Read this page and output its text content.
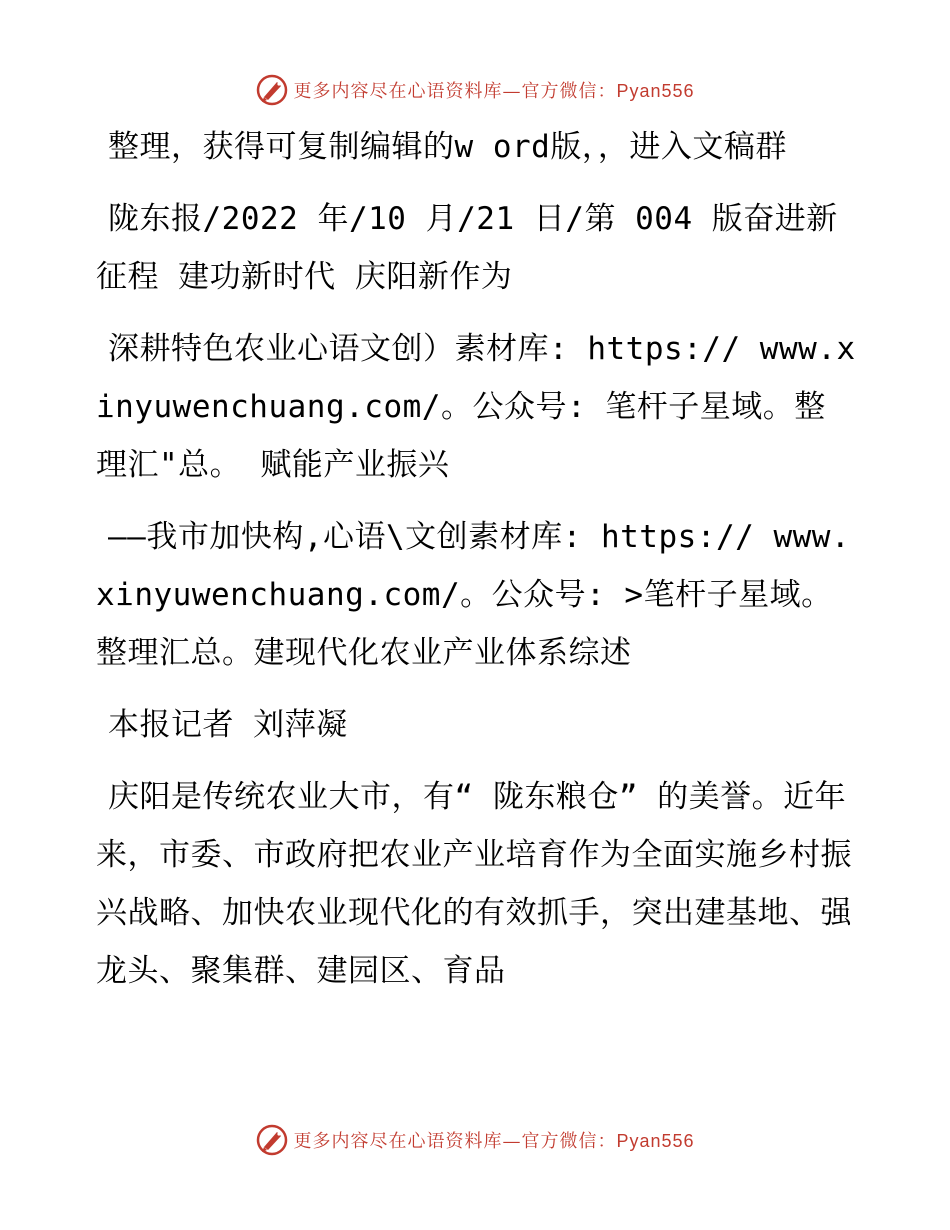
更多内容尽在心语资料库—官方微信：Pyan556

整理，获得可复制编辑的w ord版，，进入文稿群

陇东报/2022 年/10 月/21 日/第 004 版奋进新征程 建功新时代 庆阳新作为

深耕特色农业心语文创）素材库: https:// www.xinyuwenchuang.com/。公众号: 笔杆子星域。整理汇"总。 赋能产业振兴

——我市加快构,心语\文创素材库: https:// www.xinyuwenchuang.com/。公众号: >笔杆子星域。整理汇总。建现代化农业产业体系综述

本报记者 刘萍凝

庆阳是传统农业大市，有“ 陇东粮仓” 的美誉。近年来，市委、市政府把农业产业培育作为全面实施乡村振兴战略、加快农业现代化的有效抓手，突出建基地、强龙头、聚集群、建园区、育品

更多内容尽在心语资料库—官方微信：Pyan556
